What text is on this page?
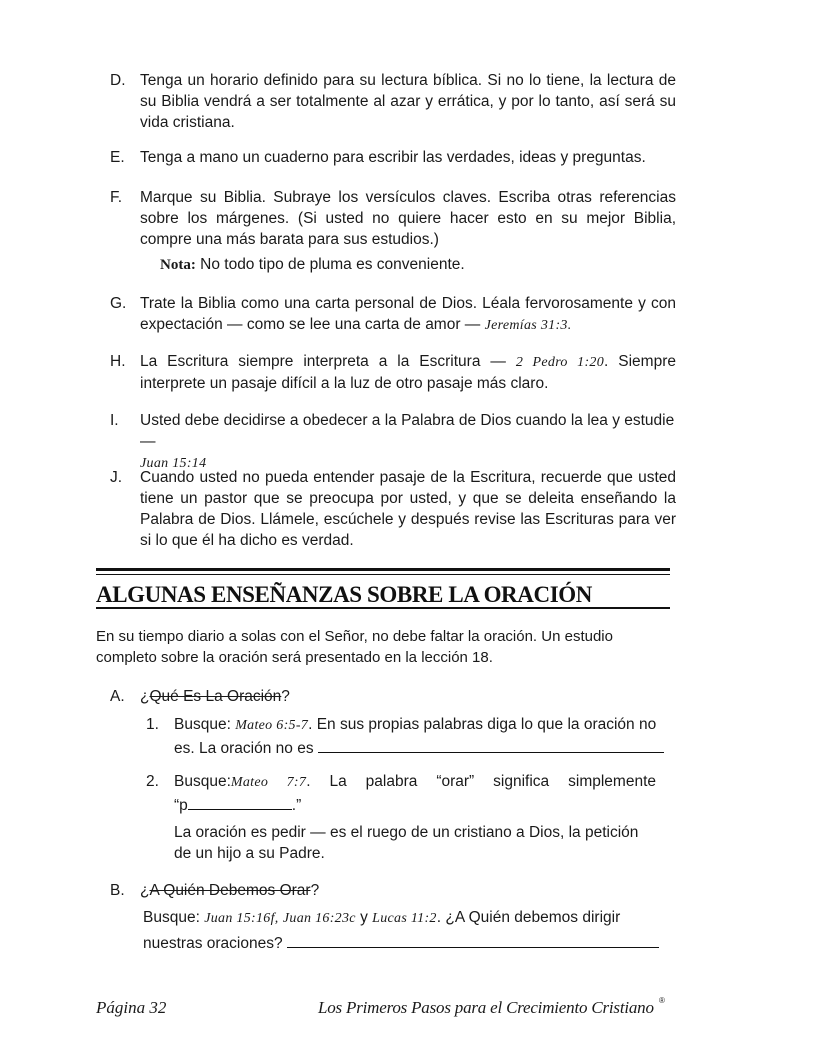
D. Tenga un horario definido para su lectura bíblica. Si no lo tiene, la lectura de su Biblia vendrá a ser totalmente al azar y errática, y por lo tanto, así será su vida cristiana.
E. Tenga a mano un cuaderno para escribir las verdades, ideas y preguntas.
F. Marque su Biblia. Subraye los versículos claves. Escriba otras referencias sobre los márgenes. (Si usted no quiere hacer esto en su mejor Biblia, compre una más barata para sus estudios.)
Nota: No todo tipo de pluma es conveniente.
G. Trate la Biblia como una carta personal de Dios. Léala fervorosamente y con expectación — como se lee una carta de amor — Jeremías 31:3.
H. La Escritura siempre interpreta a la Escritura — 2 Pedro 1:20. Siempre interprete un pasaje difícil a la luz de otro pasaje más claro.
I. Usted debe decidirse a obedecer a la Palabra de Dios cuando la lea y estudie —
Juan 15:14
J. Cuando usted no pueda entender pasaje de la Escritura, recuerde que usted tiene un pastor que se preocupa por usted, y que se deleita enseñando la Palabra de Dios. Llámele, escúchele y después revise las Escrituras para ver si lo que él ha dicho es verdad.
ALGUNAS ENSEÑANZAS SOBRE LA ORACIÓN
En su tiempo diario a solas con el Señor, no debe faltar la oración. Un estudio completo sobre la oración será presentado en la lección 18.
A. ¿Qué Es La Oración?
1. Busque: Mateo 6:5-7. En sus propias palabras diga lo que la oración no
es. La oración no es
2. Busque:Mateo 7:7. La palabra “orar” significa simplemente
“p	.”
La oración es pedir — es el ruego de un cristiano a Dios, la petición de un hijo a su Padre.
B. ¿A Quién Debemos Orar?
Busque: Juan 15:16f, Juan 16:23c y Lucas 11:2. ¿A Quién debemos dirigir
nuestras oraciones?
Página 32	Los Primeros Pasos para el Crecimiento Cristiano ®
